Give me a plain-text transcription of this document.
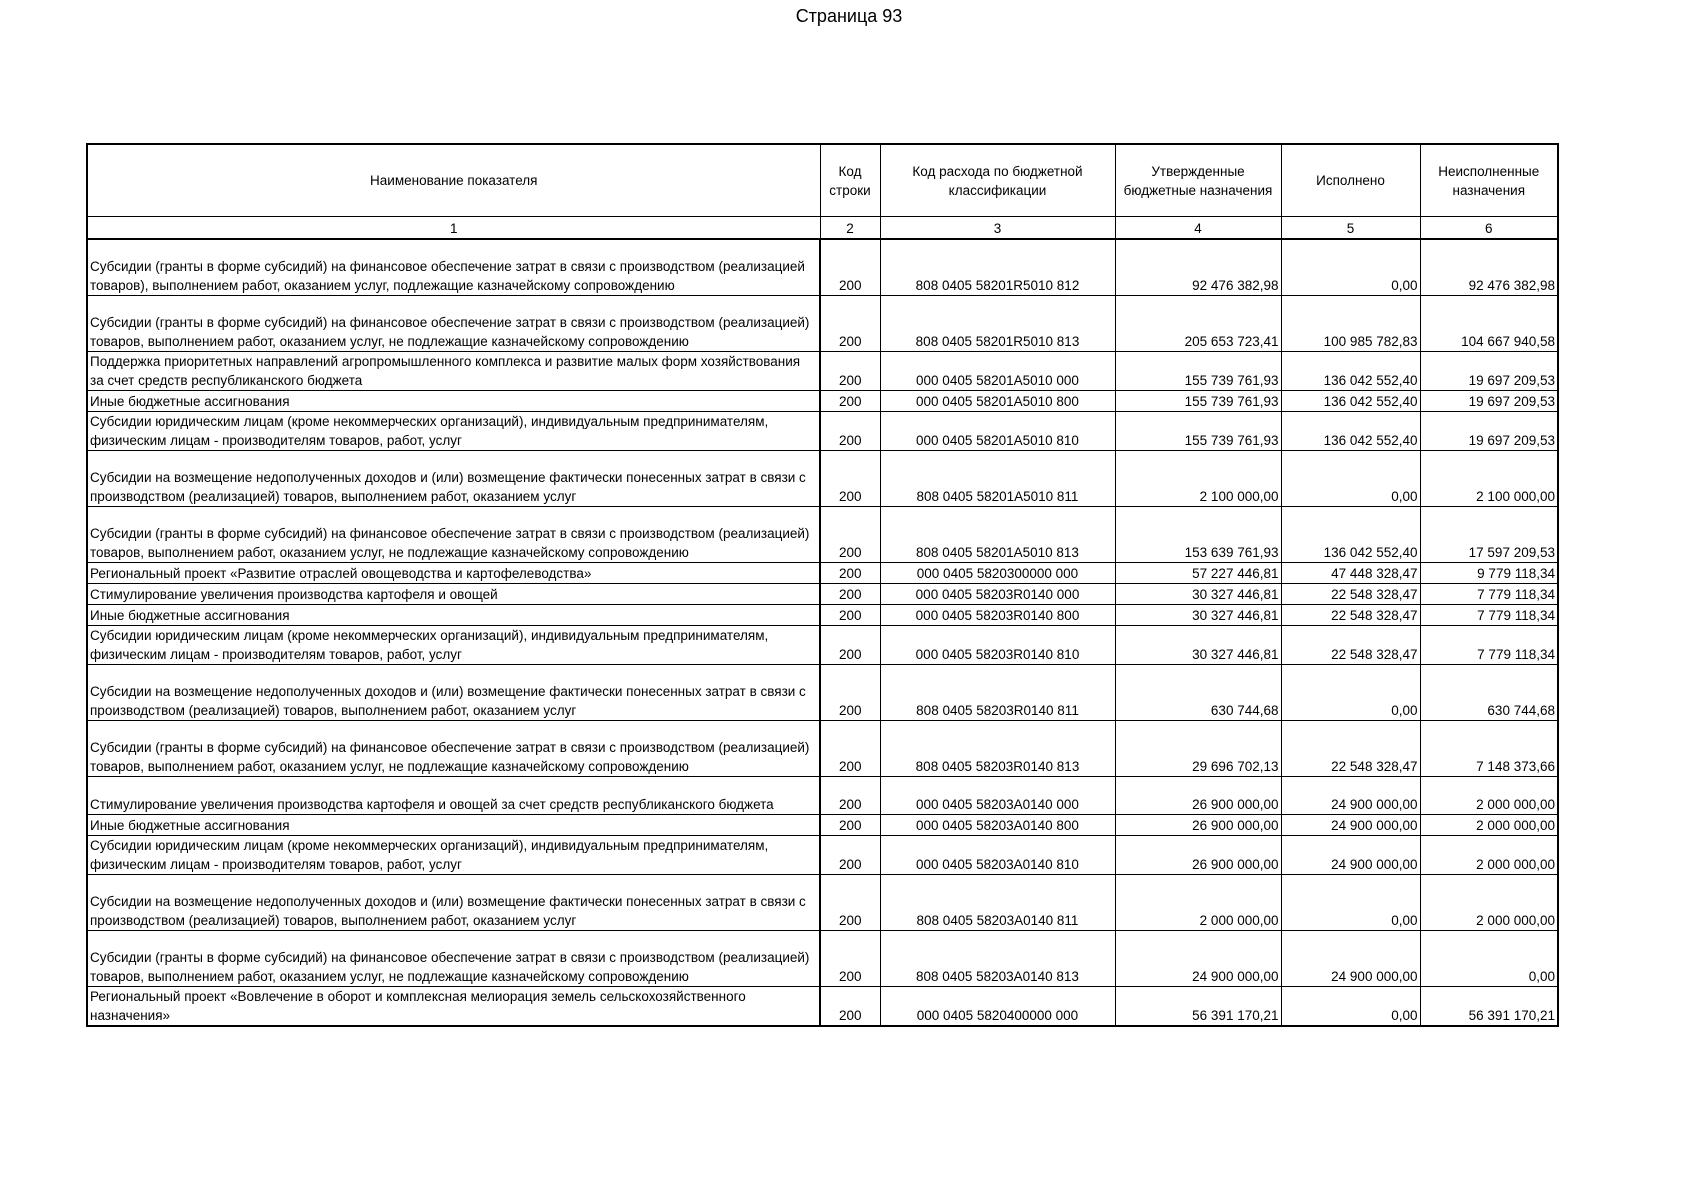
Страница 93
Наименование показателя	Код строки	Код расхода по бюджетной классификации	Утвержденные бюджетные назначения	Исполнено	Неисполненные назначения
1	2	3	4	5	6
Субсидии (гранты в форме субсидий) на финансовое обеспечение затрат в связи с производством (реализацией товаров), выполнением работ, оказанием услуг, подлежащие казначейскому сопровождению	200	808 0405 58201R5010 812	92 476 382,98	0,00	92 476 382,98
Субсидии (гранты в форме субсидий) на финансовое обеспечение затрат в связи с производством (реализацией) товаров, выполнением работ, оказанием услуг, не подлежащие казначейскому сопровождению	200	808 0405 58201R5010 813	205 653 723,41	100 985 782,83	104 667 940,58
Поддержка приоритетных направлений агропромышленного комплекса и развитие малых форм хозяйствования за счет средств республиканского бюджета	200	000 0405 58201A5010 000	155 739 761,93	136 042 552,40	19 697 209,53
Иные бюджетные ассигнования	200	000 0405 58201A5010 800	155 739 761,93	136 042 552,40	19 697 209,53
Субсидии юридическим лицам (кроме некоммерческих организаций), индивидуальным предпринимателям, физическим лицам - производителям товаров, работ, услуг	200	000 0405 58201A5010 810	155 739 761,93	136 042 552,40	19 697 209,53
Субсидии на возмещение недополученных доходов и (или) возмещение фактически понесенных затрат в связи с производством (реализацией) товаров, выполнением работ, оказанием услуг	200	808 0405 58201A5010 811	2 100 000,00	0,00	2 100 000,00
Субсидии (гранты в форме субсидий) на финансовое обеспечение затрат в связи с производством (реализацией) товаров, выполнением работ, оказанием услуг, не подлежащие казначейскому сопровождению	200	808 0405 58201A5010 813	153 639 761,93	136 042 552,40	17 597 209,53
Региональный проект «Развитие отраслей овощеводства и картофелеводства»	200	000 0405 5820300000 000	57 227 446,81	47 448 328,47	9 779 118,34
Стимулирование увеличения производства картофеля и овощей	200	000 0405 58203R0140 000	30 327 446,81	22 548 328,47	7 779 118,34
Иные бюджетные ассигнования	200	000 0405 58203R0140 800	30 327 446,81	22 548 328,47	7 779 118,34
Субсидии юридическим лицам (кроме некоммерческих организаций), индивидуальным предпринимателям, физическим лицам - производителям товаров, работ, услуг	200	000 0405 58203R0140 810	30 327 446,81	22 548 328,47	7 779 118,34
Субсидии на возмещение недополученных доходов и (или) возмещение фактически понесенных затрат в связи с производством (реализацией) товаров, выполнением работ, оказанием услуг	200	808 0405 58203R0140 811	630 744,68	0,00	630 744,68
Субсидии (гранты в форме субсидий) на финансовое обеспечение затрат в связи с производством (реализацией) товаров, выполнением работ, оказанием услуг, не подлежащие казначейскому сопровождению	200	808 0405 58203R0140 813	29 696 702,13	22 548 328,47	7 148 373,66
Стимулирование увеличения производства картофеля и овощей за счет средств республиканского бюджета	200	000 0405 58203A0140 000	26 900 000,00	24 900 000,00	2 000 000,00
Иные бюджетные ассигнования	200	000 0405 58203A0140 800	26 900 000,00	24 900 000,00	2 000 000,00
Субсидии юридическим лицам (кроме некоммерческих организаций), индивидуальным предпринимателям, физическим лицам - производителям товаров, работ, услуг	200	000 0405 58203A0140 810	26 900 000,00	24 900 000,00	2 000 000,00
Субсидии на возмещение недополученных доходов и (или) возмещение фактически понесенных затрат в связи с производством (реализацией) товаров, выполнением работ, оказанием услуг	200	808 0405 58203A0140 811	2 000 000,00	0,00	2 000 000,00
Субсидии (гранты в форме субсидий) на финансовое обеспечение затрат в связи с производством (реализацией) товаров, выполнением работ, оказанием услуг, не подлежащие казначейскому сопровождению	200	808 0405 58203A0140 813	24 900 000,00	24 900 000,00	0,00
Региональный проект «Вовлечение в оборот и комплексная мелиорация земель сельскохозяйственного назначения»	200	000 0405 5820400000 000	56 391 170,21	0,00	56 391 170,21
